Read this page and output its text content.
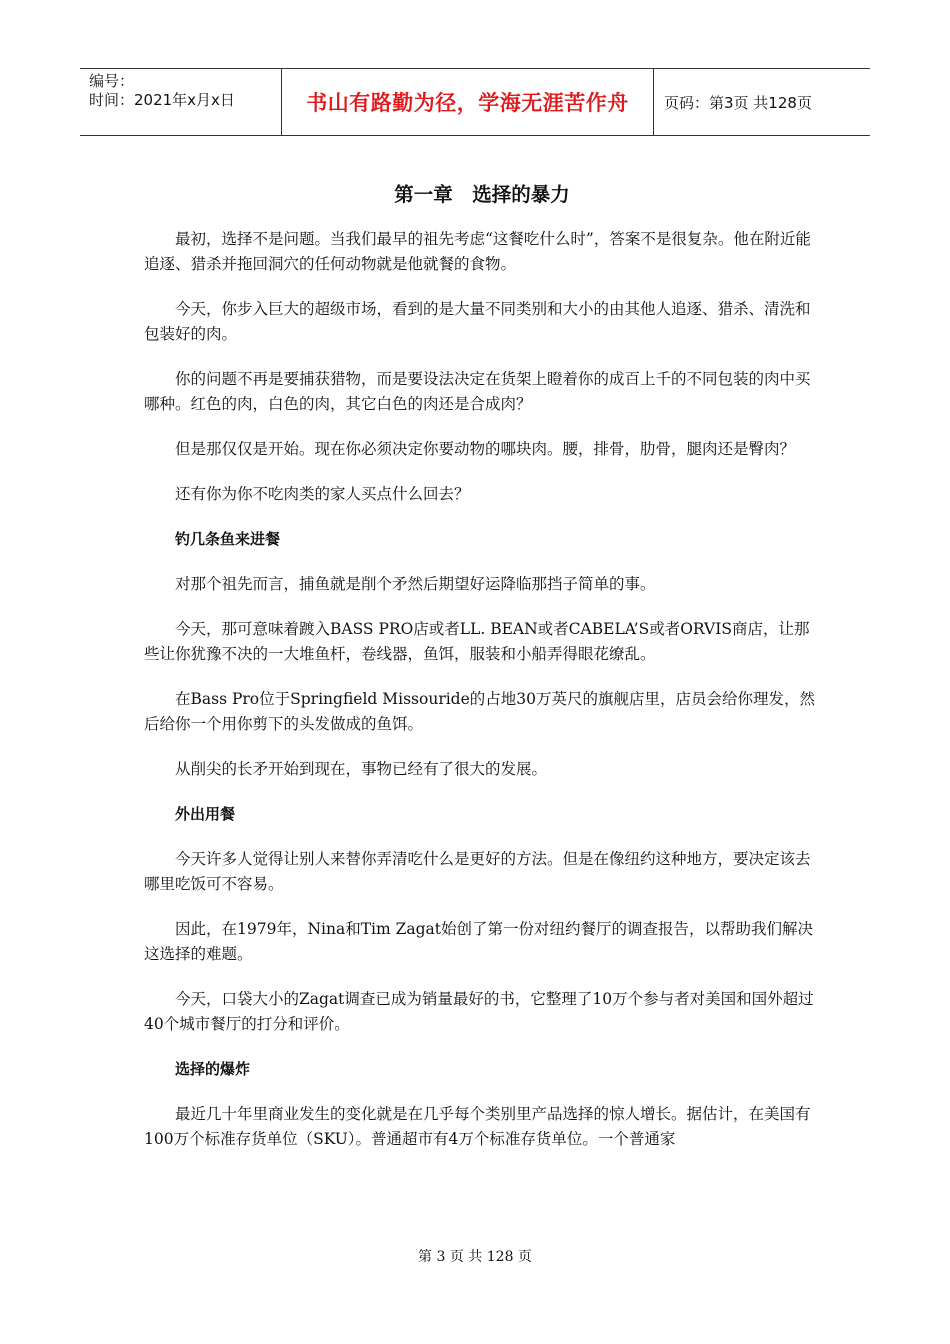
编号：
时间：2021年x月x日	书山有路勤为径，学海无涯苦作舟 页码：第3页 共128页
第一章　选择的暴力
最初，选择不是问题。当我们最早的祖先考虑“这餐吃什么时”，答案不是很复杂。他在附近能追逐、猎杀并拖回洞穴的任何动物就是他就餐的食物。
今天，你步入巨大的超级市场，看到的是大量不同类别和大小的由其他人追逐、猎杀、清洗和包装好的肉。
你的问题不再是要捕获猎物，而是要设法决定在货架上瞪着你的成百上千的不同包装的肉中买哪种。红色的肉，白色的肉，其它白色的肉还是合成肉？
但是那仅仅是开始。现在你必须决定你要动物的哪块肉。腰，排骨，肋骨，腿肉还是臀肉？
还有你为你不吃肉类的家人买点什么回去？
钓几条鱼来进餐
对那个祖先而言，捕鱼就是削个矛然后期望好运降临那挡子简单的事。
今天，那可意味着踱入BASS PRO店或者LL. BEAN或者CABELA’S或者ORVIS商店，让那些让你犹豫不决的一大堆鱼杆，卷线器，鱼饵，服装和小船弄得眼花缭乱。
在Bass Pro位于Springfield Missouride的占地30万英尺的旗舰店里，店员会给你理发，然后给你一个用你剪下的头发做成的鱼饵。
从削尖的长矛开始到现在，事物已经有了很大的发展。
外出用餐
今天许多人觉得让别人来替你弄清吃什么是更好的方法。但是在像纽约这种地方，要决定该去哪里吃饭可不容易。
因此，在1979年，Nina和Tim Zagat始创了第一份对纽约餐厅的调查报告，以帮助我们解决这选择的难题。
今天，口袋大小的Zagat调查已成为销量最好的书，它整理了10万个参与者对美国和国外超过40个城市餐厅的打分和评价。
选择的爆炸
最近几十年里商业发生的变化就是在几乎每个类别里产品选择的惊人增长。据估计，在美国有100万个标准存货单位（SKU）。普通超市有4万个标准存货单位。一个普通家
第 3 页 共 128 页
